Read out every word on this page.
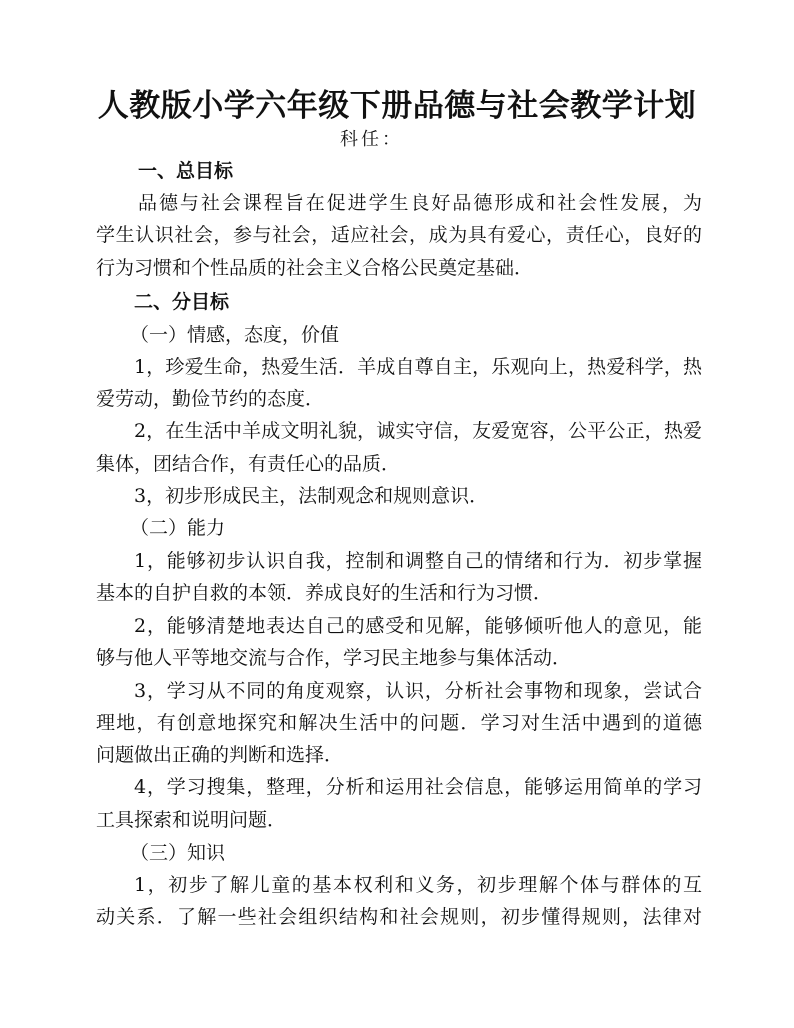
人教版小学六年级下册品德与社会教学计划
科任：
一、总目标
品德与社会课程旨在促进学生良好品德形成和社会性发展，为
学生认识社会，参与社会，适应社会，成为具有爱心，责任心，良好的
行为习惯和个性品质的社会主义合格公民奠定基础．
二、分目标
（一）情感，态度，价值
1，珍爱生命，热爱生活．羊成自尊自主，乐观向上，热爱科学，热
爱劳动，勤俭节约的态度．
2，在生活中羊成文明礼貌，诚实守信，友爱宽容，公平公正，热爱
集体，团结合作，有责任心的品质．
3，初步形成民主，法制观念和规则意识．
（二）能力
1，能够初步认识自我，控制和调整自己的情绪和行为．初步掌握
基本的自护自救的本领．养成良好的生活和行为习惯．
2，能够清楚地表达自己的感受和见解，能够倾听他人的意见，能
够与他人平等地交流与合作，学习民主地参与集体活动．
3，学习从不同的角度观察，认识，分析社会事物和现象，尝试合
理地，有创意地探究和解决生活中的问题．学习对生活中遇到的道德
问题做出正确的判断和选择．
4，学习搜集，整理，分析和运用社会信息，能够运用简单的学习
工具探索和说明问题．
（三）知识
1，初步了解儿童的基本权利和义务，初步理解个体与群体的互
动关系．了解一些社会组织结构和社会规则，初步懂得规则，法律对
